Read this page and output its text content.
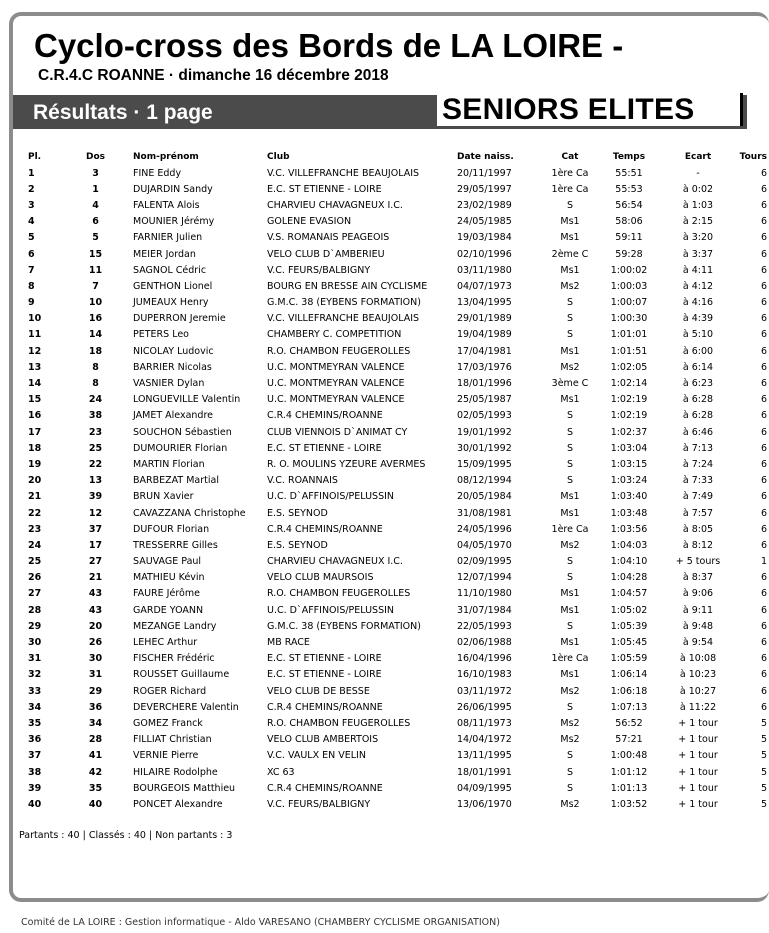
Cyclo-cross des Bords de LA LOIRE -
C.R.4.C ROANNE · dimanche 16 décembre 2018
Résultats · 1 page	SENIORS ELITES
Pl.	Dos	Nom-prénom	Club	Date naiss.	Cat	Temps	Ecart	Tours
1	3	FINE Eddy	V.C. VILLEFRANCHE BEAUJOLAIS	20/11/1997	1ère Ca	55:51	-	6
2	1	DUJARDIN Sandy	E.C. ST ETIENNE - LOIRE	29/05/1997	1ère Ca	55:53	à 0:02	6
3	4	FALENTA Alois	CHARVIEU CHAVAGNEUX I.C.	23/02/1989	S	56:54	à 1:03	6
4	6	MOUNIER Jérémy	GOLENE EVASION	24/05/1985	Ms1	58:06	à 2:15	6
5	5	FARNIER Julien	V.S. ROMANAIS PEAGEOIS	19/03/1984	Ms1	59:11	à 3:20	6
6	15	MEIER Jordan	VELO CLUB D`AMBERIEU	02/10/1996	2ème C	59:28	à 3:37	6
7	11	SAGNOL Cédric	V.C. FEURS/BALBIGNY	03/11/1980	Ms1	1:00:02	à 4:11	6
8	7	GENTHON Lionel	BOURG EN BRESSE AIN CYCLISME	04/07/1973	Ms2	1:00:03	à 4:12	6
9	10	JUMEAUX Henry	G.M.C. 38 (EYBENS FORMATION)	13/04/1995	S	1:00:07	à 4:16	6
10	16	DUPERRON Jeremie	V.C. VILLEFRANCHE BEAUJOLAIS	29/01/1989	S	1:00:30	à 4:39	6
11	14	PETERS Leo	CHAMBERY C. COMPETITION	19/04/1989	S	1:01:01	à 5:10	6
12	18	NICOLAY Ludovic	R.O. CHAMBON FEUGEROLLES	17/04/1981	Ms1	1:01:51	à 6:00	6
13	8	BARRIER Nicolas	U.C. MONTMEYRAN VALENCE	17/03/1976	Ms2	1:02:05	à 6:14	6
14	8	VASNIER Dylan	U.C. MONTMEYRAN VALENCE	18/01/1996	3ème C	1:02:14	à 6:23	6
15	24	LONGUEVILLE Valentin	U.C. MONTMEYRAN VALENCE	25/05/1987	Ms1	1:02:19	à 6:28	6
16	38	JAMET Alexandre	C.R.4 CHEMINS/ROANNE	02/05/1993	S	1:02:19	à 6:28	6
17	23	SOUCHON Sébastien	CLUB VIENNOIS D`ANIMAT CY	19/01/1992	S	1:02:37	à 6:46	6
18	25	DUMOURIER Florian	E.C. ST ETIENNE - LOIRE	30/01/1992	S	1:03:04	à 7:13	6
19	22	MARTIN Florian	R. O. MOULINS YZEURE AVERMES	15/09/1995	S	1:03:15	à 7:24	6
20	13	BARBEZAT Martial	V.C. ROANNAIS	08/12/1994	S	1:03:24	à 7:33	6
21	39	BRUN Xavier	U.C. D`AFFINOIS/PELUSSIN	20/05/1984	Ms1	1:03:40	à 7:49	6
22	12	CAVAZZANA Christophe	E.S. SEYNOD	31/08/1981	Ms1	1:03:48	à 7:57	6
23	37	DUFOUR Florian	C.R.4 CHEMINS/ROANNE	24/05/1996	1ère Ca	1:03:56	à 8:05	6
24	17	TRESSERRE Gilles	E.S. SEYNOD	04/05/1970	Ms2	1:04:03	à 8:12	6
25	27	SAUVAGE Paul	CHARVIEU CHAVAGNEUX I.C.	02/09/1995	S	1:04:10	+ 5 tours	1
26	21	MATHIEU Kévin	VELO CLUB MAURSOIS	12/07/1994	S	1:04:28	à 8:37	6
27	43	FAURE Jérôme	R.O. CHAMBON FEUGEROLLES	11/10/1980	Ms1	1:04:57	à 9:06	6
28	43	GARDE YOANN	U.C. D`AFFINOIS/PELUSSIN	31/07/1984	Ms1	1:05:02	à 9:11	6
29	20	MEZANGE Landry	G.M.C. 38 (EYBENS FORMATION)	22/05/1993	S	1:05:39	à 9:48	6
30	26	LEHEC Arthur	MB RACE	02/06/1988	Ms1	1:05:45	à 9:54	6
31	30	FISCHER Frédéric	E.C. ST ETIENNE - LOIRE	16/04/1996	1ère Ca	1:05:59	à 10:08	6
32	31	ROUSSET Guillaume	E.C. ST ETIENNE - LOIRE	16/10/1983	Ms1	1:06:14	à 10:23	6
33	29	ROGER Richard	VELO CLUB DE BESSE	03/11/1972	Ms2	1:06:18	à 10:27	6
34	36	DEVERCHERE Valentin	C.R.4 CHEMINS/ROANNE	26/06/1995	S	1:07:13	à 11:22	6
35	34	GOMEZ Franck	R.O. CHAMBON FEUGEROLLES	08/11/1973	Ms2	56:52	+ 1 tour	5
36	28	FILLIAT Christian	VELO CLUB AMBERTOIS	14/04/1972	Ms2	57:21	+ 1 tour	5
37	41	VERNIE Pierre	V.C. VAULX EN VELIN	13/11/1995	S	1:00:48	+ 1 tour	5
38	42	HILAIRE Rodolphe	XC 63	18/01/1991	S	1:01:12	+ 1 tour	5
39	35	BOURGEOIS Matthieu	C.R.4 CHEMINS/ROANNE	04/09/1995	S	1:01:13	+ 1 tour	5
40	40	PONCET Alexandre	V.C. FEURS/BALBIGNY	13/06/1970	Ms2	1:03:52	+ 1 tour	5
Partants : 40 | Classés : 40 | Non partants : 3
Comité de LA LOIRE : Gestion informatique - Aldo VARESANO (CHAMBERY CYCLISME ORGANISATION)
